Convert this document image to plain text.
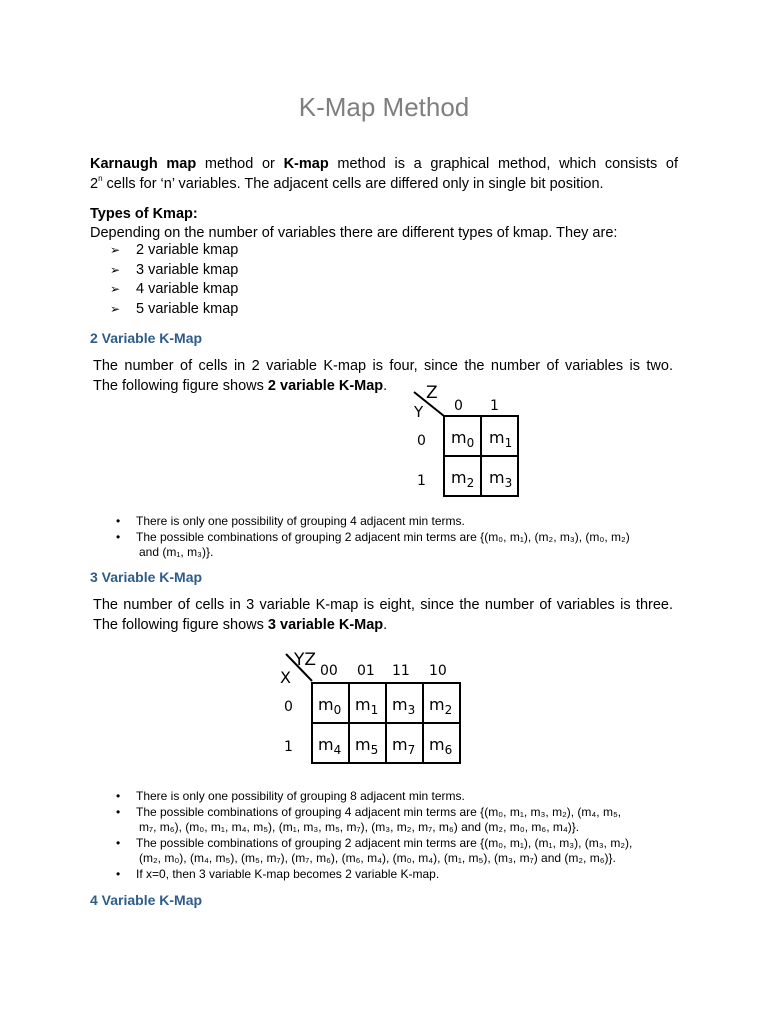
K-Map Method
Karnaugh map method or K-map method is a graphical method, which consists of
2$^n$ cells for ‘n’ variables. The adjacent cells are differed only in single bit position.
Types of Kmap:
Depending on the number of variables there are different types of kmap. They are:
➢ 2 variable kmap
➢ 3 variable kmap
➢ 4 variable kmap
➢ 5 variable kmap
2 Variable K-Map
The number of cells in 2 variable K-map is four, since the number of variables is two.
The following figure shows 2 variable K-Map.	Z
Y 0 1
0
1
$m_0$ $m_1$
$m_2$ $m_3$
• There is only one possibility of grouping 4 adjacent min terms.
• The possible combinations of grouping 2 adjacent min terms are {(m₀, m₁), (m₂, m₃), (m₀, m₂)
and (m₁, m₃)}.
3 Variable K-Map
The number of cells in 3 variable K-map is eight, since the number of variables is three.
The following figure shows 3 variable K-Map.
YZ
X 00 01 11 10
0
1
$m_0$ $m_1$ $m_3$ $m_2$
$m_4$ $m_5$ $m_7$ $m_6$
• There is only one possibility of grouping 8 adjacent min terms.
• The possible combinations of grouping 4 adjacent min terms are {(m₀, m₁, m₃, m₂), (m₄, m₅,
m₇, m₆), (m₀, m₁, m₄, m₅), (m₁, m₃, m₅, m₇), (m₃, m₂, m₇, m₆) and (m₂, m₀, m₆, m₄)}.
• The possible combinations of grouping 2 adjacent min terms are {(m₀, m₁), (m₁, m₃), (m₃, m₂),
(m₂, m₀), (m₄, m₅), (m₅, m₇), (m₇, m₆), (m₆, m₄), (m₀, m₄), (m₁, m₅), (m₃, m₇) and (m₂, m₆)}.
• If x=0, then 3 variable K-map becomes 2 variable K-map.
4 Variable K-Map
